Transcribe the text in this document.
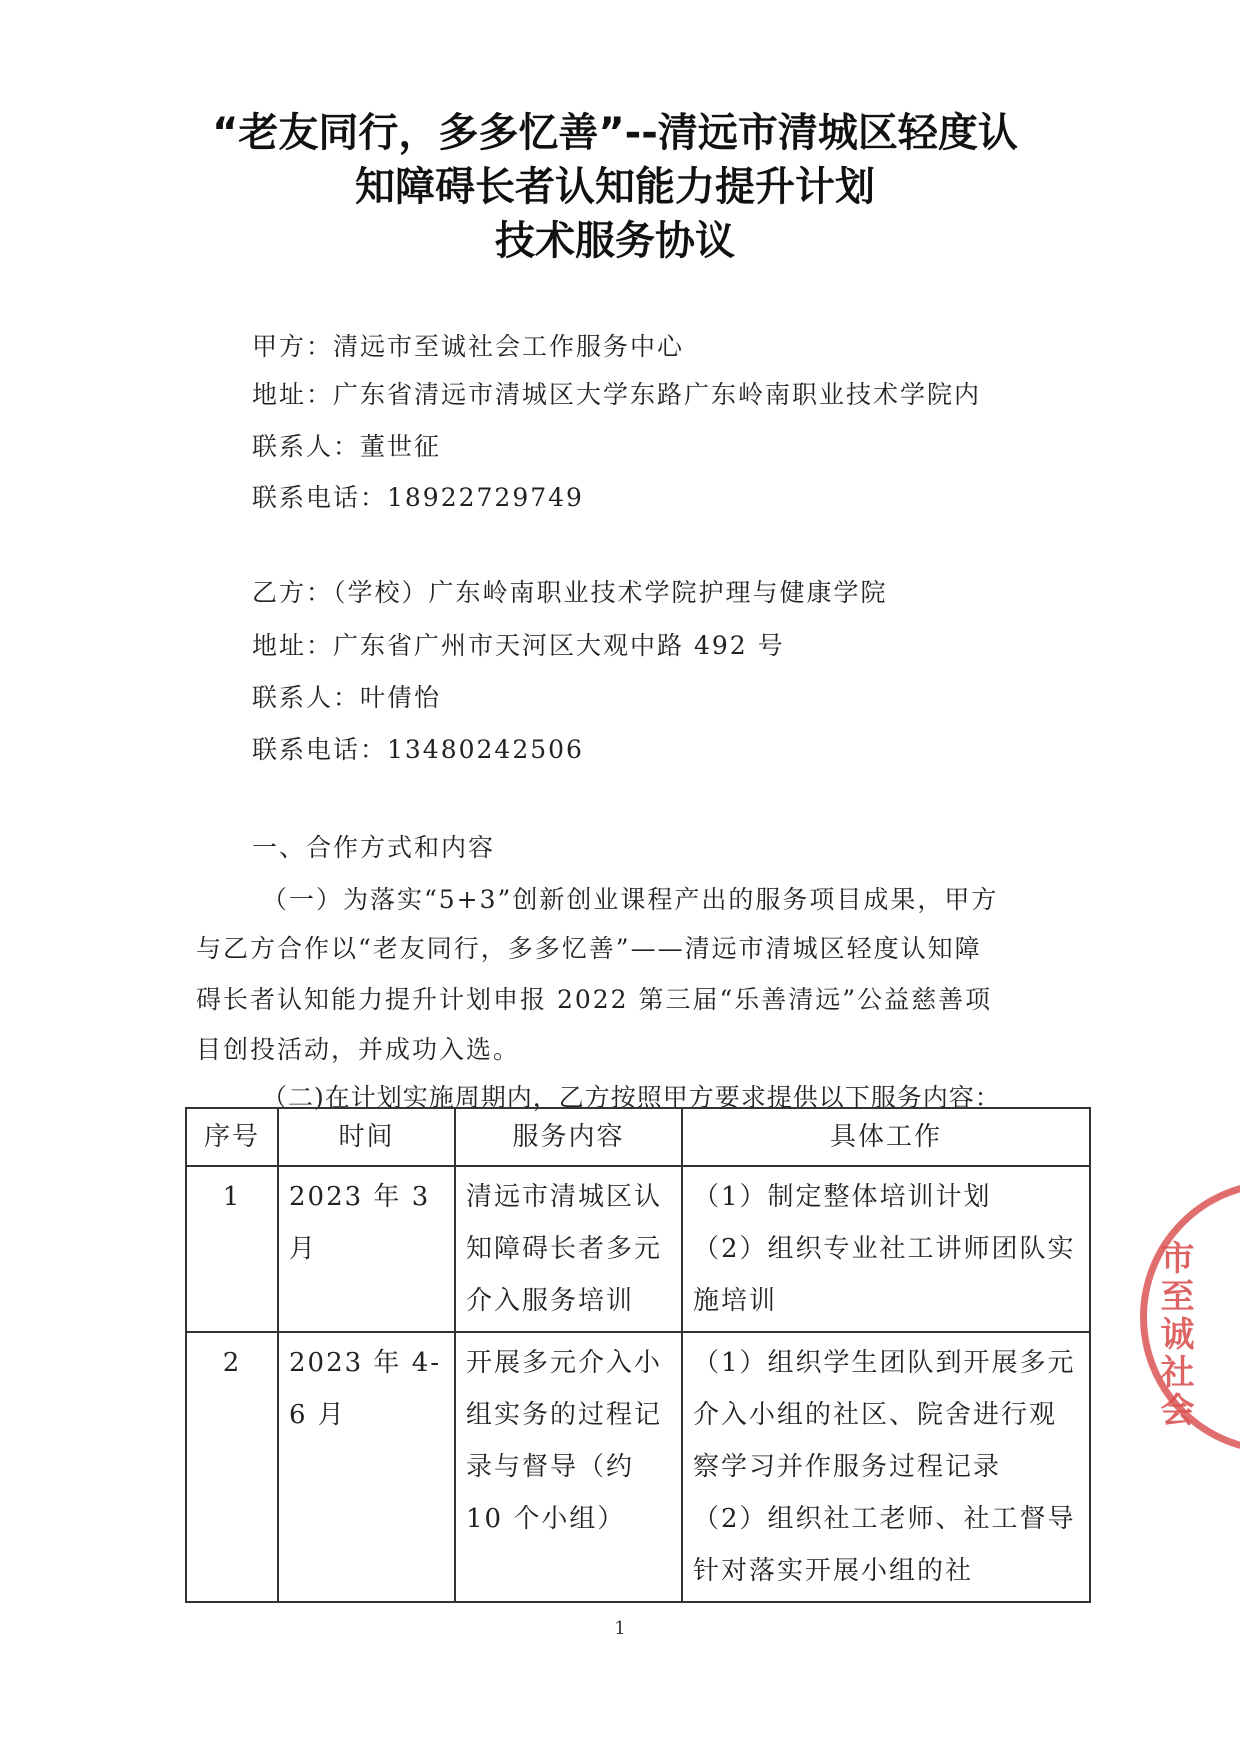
“老友同行，多多忆善”--清远市清城区轻度认
知障碍长者认知能力提升计划
技术服务协议
甲方：清远市至诚社会工作服务中心
地址：广东省清远市清城区大学东路广东岭南职业技术学院内
联系人：董世征
联系电话：18922729749
乙方：（学校）广东岭南职业技术学院护理与健康学院
地址：广东省广州市天河区大观中路 492 号
联系人：叶倩怡
联系电话：13480242506
一、合作方式和内容
（一）为落实“5+3”创新创业课程产出的服务项目成果，甲方
与乙方合作以“老友同行，多多忆善”——清远市清城区轻度认知障
碍长者认知能力提升计划申报 2022 第三届“乐善清远”公益慈善项
目创投活动，并成功入选。
（二)在计划实施周期内，乙方按照甲方要求提供以下服务内容：
序号	时间	服务内容	具体工作
1	2023 年 3 月	清远市清城区认知障碍长者多元介入服务培训	（1）制定整体培训计划
（2）组织专业社工讲师团队实施培训

2	2023 年 4-6 月	开展多元介入小组实务的过程记录与督导（约 10 个小组）	（1）组织学生团队到开展多元介入小组的社区、院舍进行观察学习并作服务过程记录
（2）组织社工老师、社工督导针对落实开展小组的社
1
市至诚社会
